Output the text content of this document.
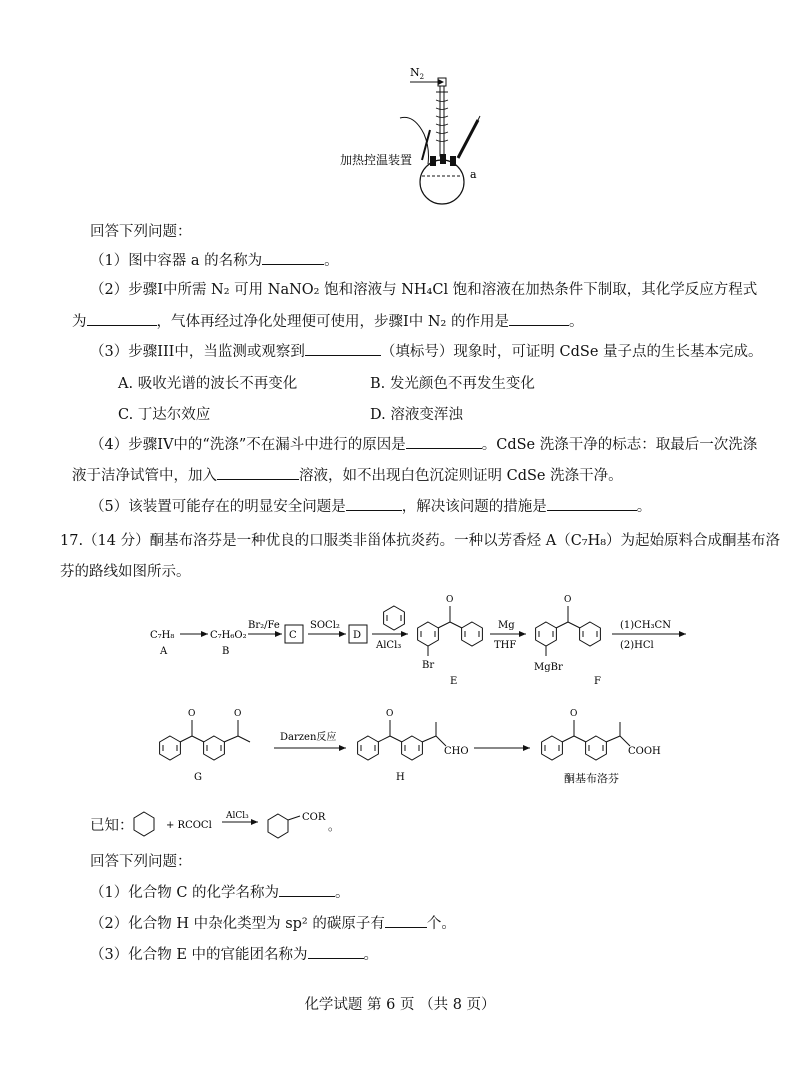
$N_2$
加热控温装置
a
回答下列问题：
（1）图中容器 a 的名称为	。
（2）步骤I中所需 N₂ 可用 NaNO₂ 饱和溶液与 NH₄Cl 饱和溶液在加热条件下制取，其化学反应方程式
为	，气体再经过净化处理便可使用，步骤I中 N₂ 的作用是	。
（3）步骤III中，当监测或观察到	（填标号）现象时，可证明 CdSe 量子点的生长基本完成。
A. 吸收光谱的波长不再变化	B. 发光颜色不再发生变化
C. 丁达尔效应	D. 溶液变浑浊
（4）步骤IV中的“洗涤”不在漏斗中进行的原因是	。CdSe 洗涤干净的标志：取最后一次洗涤
液于洁净试管中，加入	溶液，如不出现白色沉淀则证明 CdSe 洗涤干净。
（5）该装置可能存在的明显安全问题是	，解决该问题的措施是	。
17.（14 分）酮基布洛芬是一种优良的口服类非甾体抗炎药。一种以芳香烃 A（C₇H₈）为起始原料合成酮基布洛
芬的路线如图所示。
C₇H₈
A
C₇H₆O₂
B
Br₂/Fe
C
SOCl₂
D
AlCl₃
O
Br
E
Mg
THF
O
MgBr
F
(1)CH₃CN
(2)HCl
O	O
G
Darzen反应
O
CHO
H
O
COOH
酮基布洛芬
已知：	+ RCOCl
AlCl₃	COR
。
回答下列问题：
（1）化合物 C 的化学名称为	。
（2）化合物 H 中杂化类型为 sp² 的碳原子有	个。
（3）化合物 E 中的官能团名称为	。
化学试题 第 6 页 （共 8 页）
